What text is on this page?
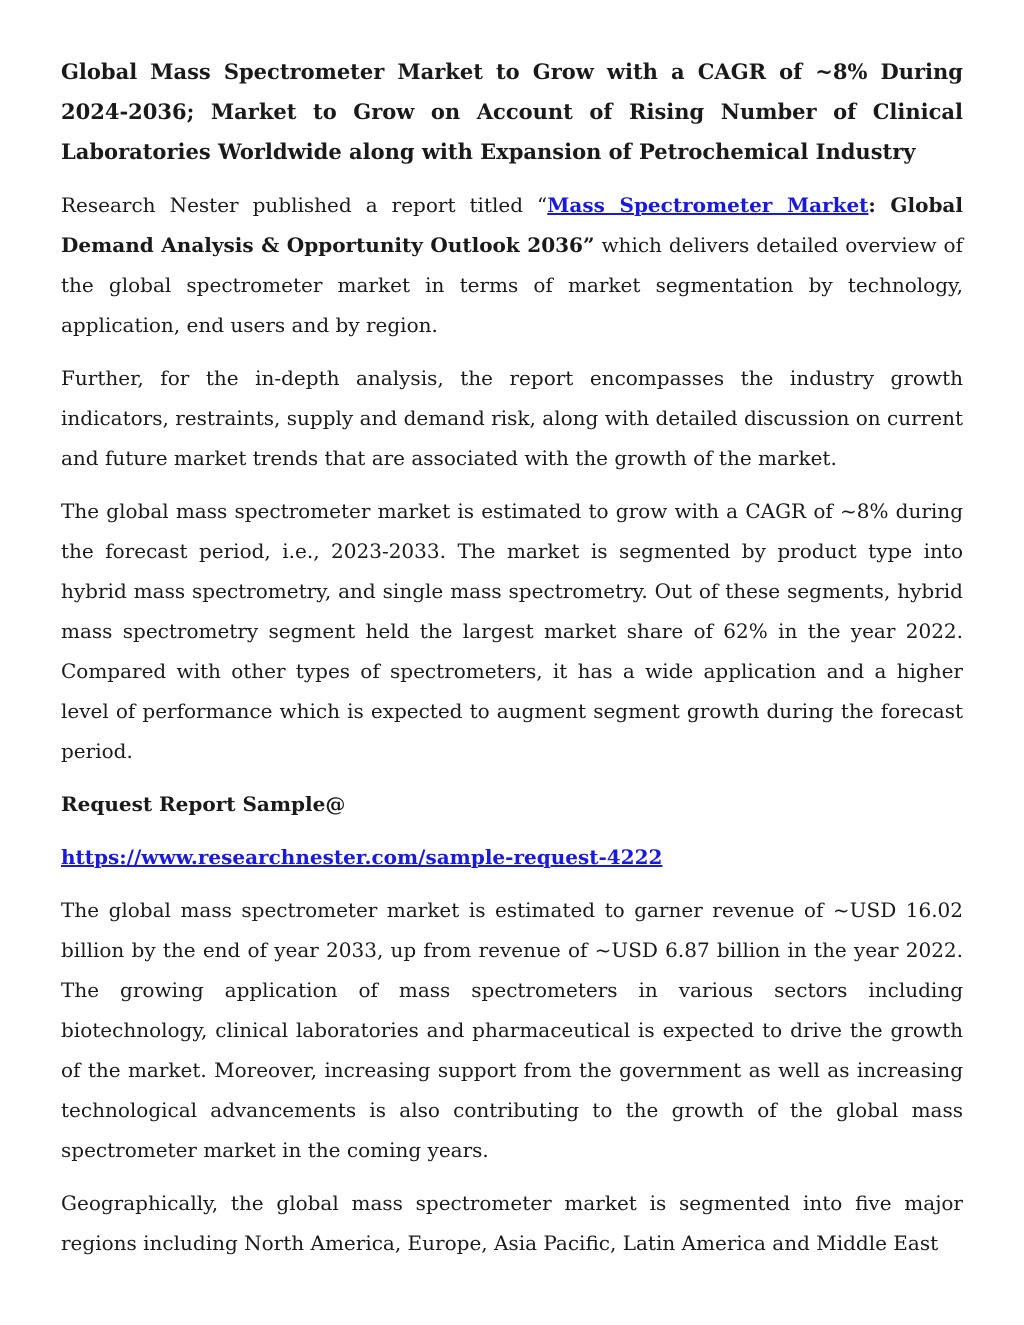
Global Mass Spectrometer Market to Grow with a CAGR of ~8% During 2024-2036; Market to Grow on Account of Rising Number of Clinical Laboratories Worldwide along with Expansion of Petrochemical Industry

Research Nester published a report titled “Mass Spectrometer Market: Global Demand Analysis & Opportunity Outlook 2036” which delivers detailed overview of the global spectrometer market in terms of market segmentation by technology, application, end users and by region.

Further, for the in-depth analysis, the report encompasses the industry growth indicators, restraints, supply and demand risk, along with detailed discussion on current and future market trends that are associated with the growth of the market.

The global mass spectrometer market is estimated to grow with a CAGR of ~8% during the forecast period, i.e., 2023-2033. The market is segmented by product type into hybrid mass spectrometry, and single mass spectrometry. Out of these segments, hybrid mass spectrometry segment held the largest market share of 62% in the year 2022. Compared with other types of spectrometers, it has a wide application and a higher level of performance which is expected to augment segment growth during the forecast period.

Request Report Sample@
https://www.researchnester.com/sample-request-4222

The global mass spectrometer market is estimated to garner revenue of ~USD 16.02 billion by the end of year 2033, up from revenue of ~USD 6.87 billion in the year 2022. The growing application of mass spectrometers in various sectors including biotechnology, clinical laboratories and pharmaceutical is expected to drive the growth of the market. Moreover, increasing support from the government as well as increasing technological advancements is also contributing to the growth of the global mass spectrometer market in the coming years.

Geographically, the global mass spectrometer market is segmented into five major regions including North America, Europe, Asia Pacific, Latin America and Middle East
